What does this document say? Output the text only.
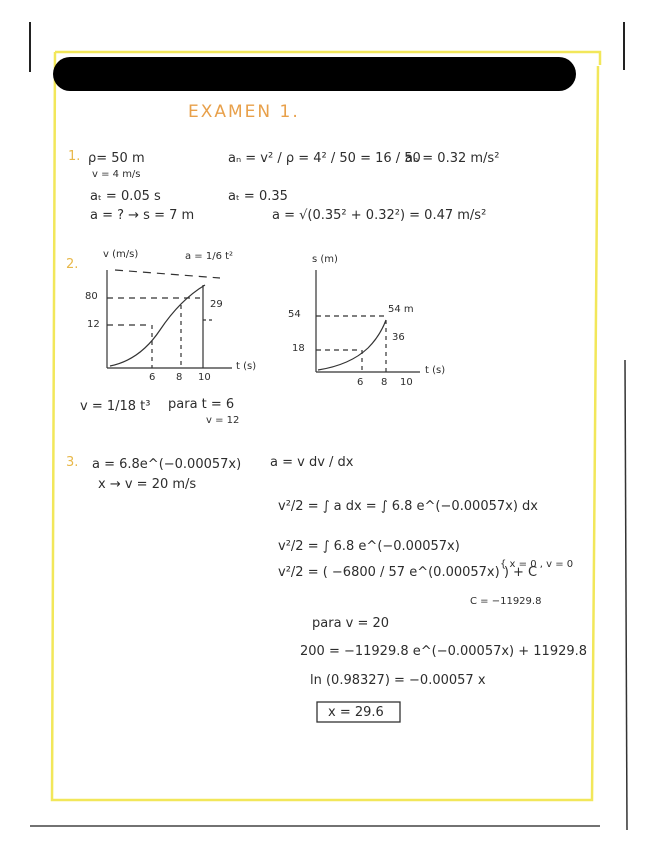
EXAMEN 1.
1. ρ= 50 m
v = 4 m/s
aₜ = 0.05 s
a = ? → s = 7 m
aₙ = v² / ρ = 4² / 50 = 16 / 50
aₙ = 0.32 m/s²
aₜ = 0.35
a = √(0.35² + 0.32²) = 0.47 m/s²
2.
v (m/s)	a = 1/6 t²
80
12
6 8 10
t (s)
29
s (m)
54
18
6 8 10
t (s)
54 m
36
v = 1/18 t³ para t = 6
v = 12
3. a = 6.8e^(−0.00057x)
x → v = 20 m/s
a = v dv / dx
v²/2 = ∫ a dx = ∫ 6.8 e^(−0.00057x) dx
v²/2 = ∫ 6.8 e^(−0.00057x)
v²/2 = ( −6800 / 57 e^(0.00057x) ) + C
{ x = 0 , v = 0
C = −11929.8
para v = 20
200 = −11929.8 e^(−0.00057x) + 11929.8
ln (0.98327) = −0.00057 x
x = 29.6
